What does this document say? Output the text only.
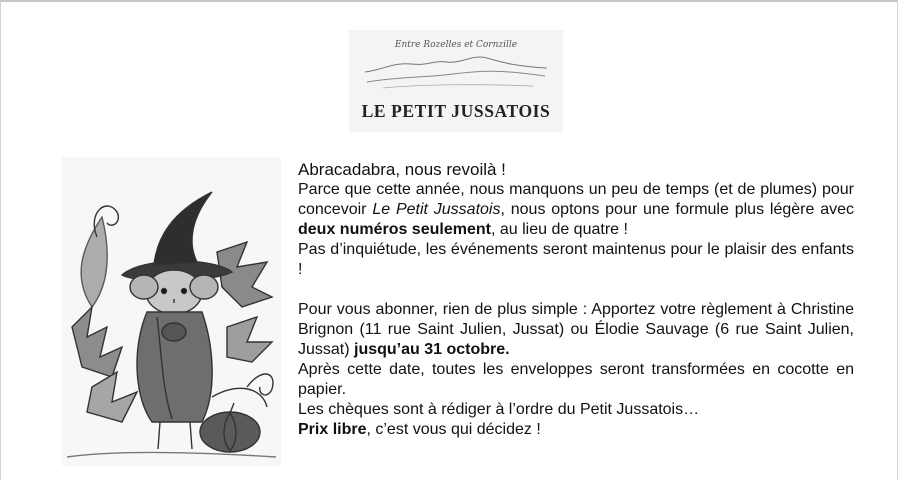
Entre Rozelles et Cornzille
LE PETIT JUSSATOIS

Abracadabra, nous revoilà !

Parce que cette année, nous manquons un peu de temps (et de plumes) pour concevoir Le Petit Jussatois, nous optons pour une formule plus légère avec deux numéros seulement, au lieu de quatre !

Pas d’inquiétude, les événements seront maintenus pour le plaisir des enfants !

Pour vous abonner, rien de plus simple : Apportez votre règlement à Christine Brignon (11 rue Saint Julien, Jussat) ou Élodie Sauvage (6 rue Saint Julien, Jussat) jusqu’au 31 octobre.

Après cette date, toutes les enveloppes seront transformées en cocotte en papier.

Les chèques sont à rédiger à l’ordre du Petit Jussatois…

Prix libre, c’est vous qui décidez !
